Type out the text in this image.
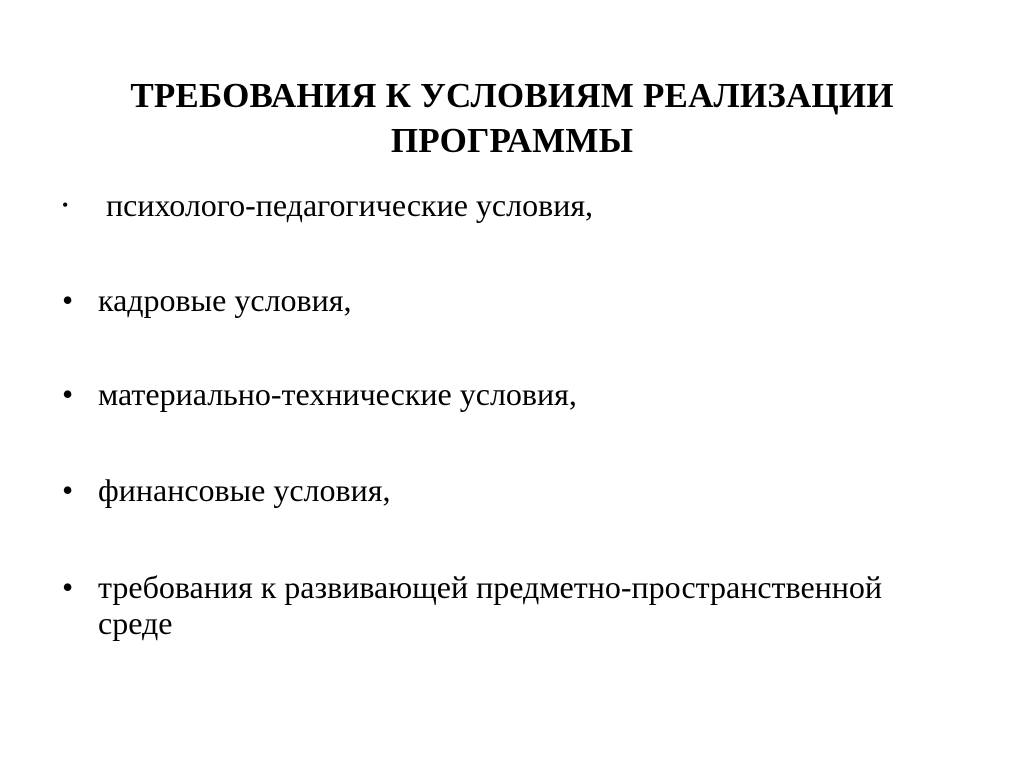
ТРЕБОВАНИЯ К УСЛОВИЯМ РЕАЛИЗАЦИИ ПРОГРАММЫ
•	психолого-педагогические условия,
• кадровые условия,
• материально-технические условия,
• финансовые условия,
• требования к развивающей предметно-пространственной среде
